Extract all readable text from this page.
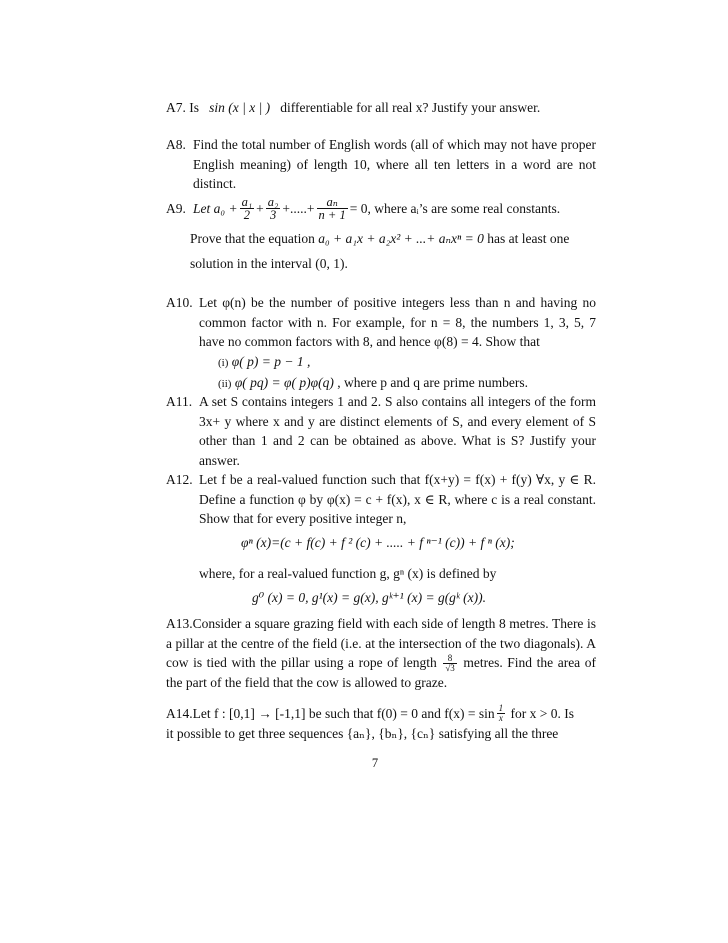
A7. Is sin (x | x | ) differentiable for all real x? Justify your answer.
A8. Find the total number of English words (all of which may not have proper English meaning) of length 10, where all ten letters in a word are not distinct.
A9. Let $a_0 + \frac{\text{a₁}}{2} + \frac{\text{a₂}}{3}$ +.....+ $\frac{\text{aₙ}}{n + 1} = 0$,
where aᵢ’s are some real constants.
Prove that the equation a₀ + a₁x + a₂x² + ...+ aₙxⁿ = 0 has at least one
solution in the interval (0, 1).
A10. Let φ(n) be the number of positive integers less than n and having no common factor with n. For example, for n = 8, the numbers 1, 3, 5, 7 have no common factors with 8, and hence φ(8) = 4. Show that
(i) φ( p) = p − 1 ,
(ii) φ( pq) = φ( p)φ(q) , where p and q are prime numbers.
A11. A set S contains integers 1 and 2. S also contains all integers of the form 3x+ y where x and y are distinct elements of S, and every element of S other than 1 and 2 can be obtained as above. What is S? Justify your answer.
A12. Let f be a real-valued function such that f(x+y) = f(x) + f(y) ∀x, y ∈ R. Define a function φ by φ(x) = c + f(x), x ∈ R, where c is a real constant. Show that for every positive integer n,
φⁿ (x)=(c + f(c) + f ² (c) + ..... + f ⁿ⁻¹ (c)) + f ⁿ (x);
where, for a real-valued function g, gⁿ (x) is defined by
g⁰ (x) = 0, g¹(x) = g(x), gᵏ⁺¹ (x) = g(gᵏ (x)).
A13.Consider a square grazing field with each side of length 8 metres. There is a pillar at the centre of the field (i.e. at the intersection of the two diagonals). A cow is tied with the pillar using a rope of length $\frac{8}{√3}$ metres. Find the area of the part of the field that the cow is allowed to graze.
A14.Let f : [0,1] → [-1,1] be such that f(0) = 0 and f(x) =
$\sin \frac{1}{x}$
for x > 0. Is
it possible to get three sequences {aₙ}, {bₙ}, {cₙ} satisfying all the three
7
